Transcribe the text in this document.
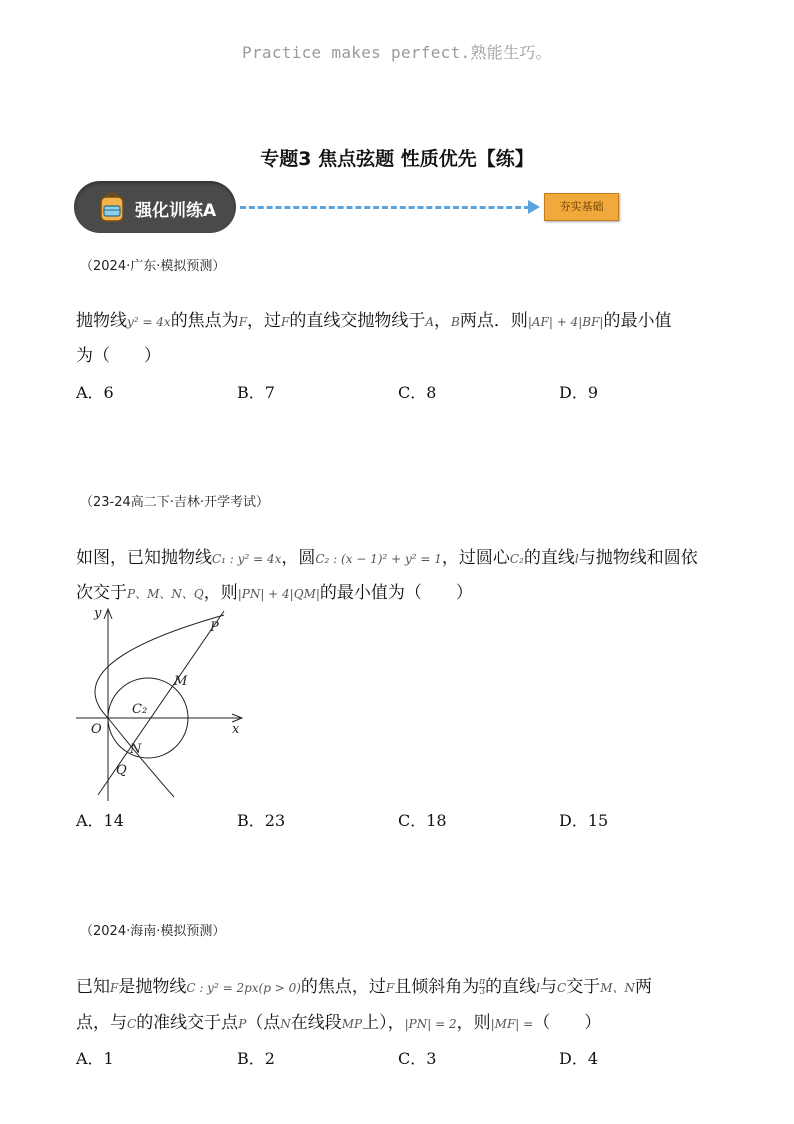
Practice makes perfect.熟能生巧。
专题3 焦点弦题 性质优先【练】
强化训练A	夯实基础
（2024·广东·模拟预测）
抛物线y² = 4x的焦点为F，过F的直线交抛物线于A，B两点．则|AF| + 4|BF|的最小值
为（　　）
A．6	B．7	C．8	D．9
（23-24高二下·吉林·开学考试）
如图，已知抛物线C₁ : y² = 4x，圆C₂ : (x − 1)² + y² = 1，过圆心C₂的直线l与抛物线和圆依
次交于P、M、N、Q，则|PN| + 4|QM|的最小值为（　　）
y
x
O
C₂
P
M
N
Q
A．14	B．23	C．18	D．15
（2024·海南·模拟预测）
已知F是抛物线C : y² = 2px(p > 0)的焦点，过F且倾斜角为 $\frac{\pi}{3}$ 的直线l与C交于M、N两
点，与C的准线交于点P（点N在线段MP上），|PN| = 2，则|MF| =（　　）
A．1	B．2	C．3	D．4
